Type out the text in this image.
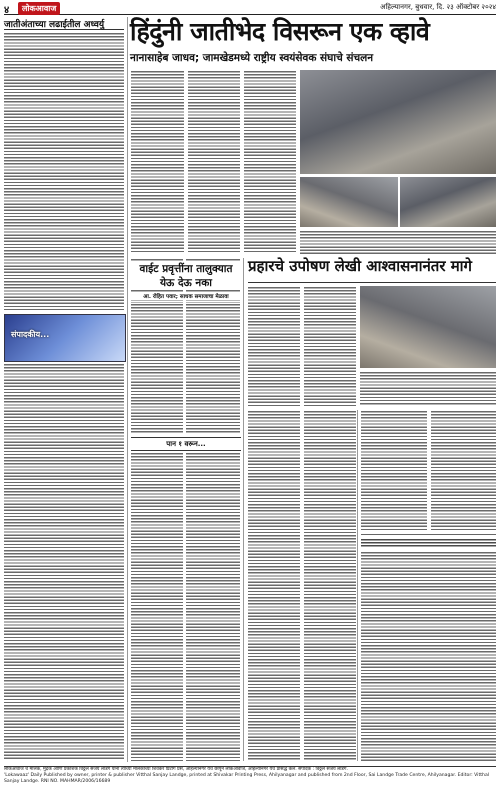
४	लोकआवाज	अहिल्यानगर, बुधवार, दि. २३ ऑक्टोबर २०२४
जातीअंताच्या लढाईतील अध्वर्यु
संपादकीय...
हिंदुंनी जातीभेद विसरून एक व्हावे
नानासाहेब जाधव; जामखेडमध्ये राष्ट्रीय स्वयंसेवक संघाचे संचलन
वाईट प्रवृत्तींना तालुक्यात येऊ देऊ नका
आ. रोहित पवार; साधक समाजाचा मेळावा
पान १ वरून...
प्रहारचे उपोषण लेखी आश्वासनानंतर मागे
लोकआवाज चे मालक, मुद्रक आणि प्रकाशक विठ्ठल संजय लांडगे यांनी त्यांच्या मालकीच्या शिवकर प्रिंटींग प्रेस, अहिल्यानगर येथे छापून लोकआवाज, अहिल्यानगर येथे प्रसिद्ध केले. संपादक : विठ्ठल संजय लांडगे.
'Lokawaaz' Daily Published by owner, printer & publisher Vitthal Sanjay Landge, printed at Shivakar Printing Press, Ahilyanagar and published from 2nd Floor, Sai Landge Trade Centre, Ahilyanagar. Editor: Vitthal Sanjay Landge. RNI NO. MAHMAR/2006/16689
